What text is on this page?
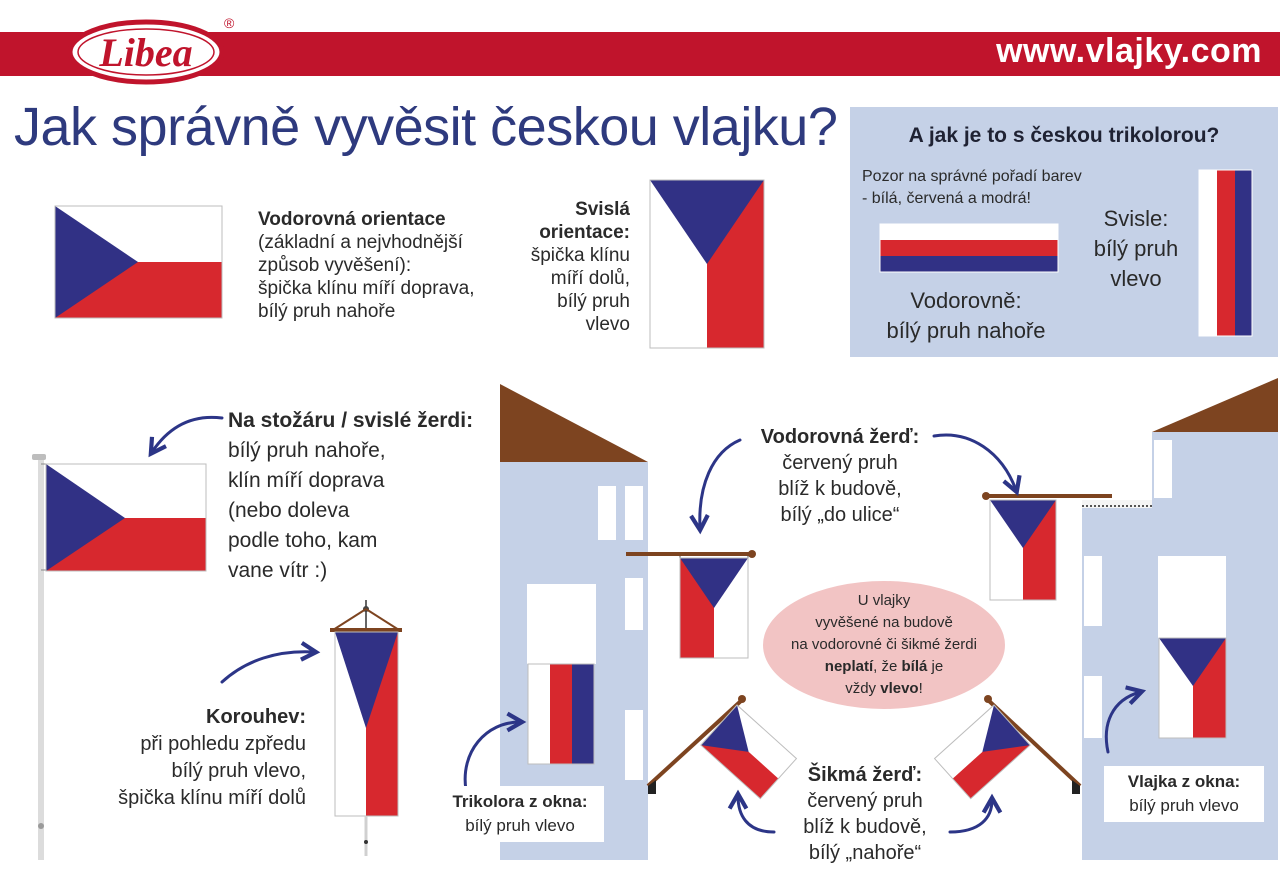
Libea
®
www.vlajky.com
Jak správně vyvěsit českou vlajku?
Vodorovná orientace
(základní a nejvhodnější
způsob vyvěšení):
špička klínu míří doprava,
bílý pruh nahoře
Svislá
orientace:
špička klínu
míří dolů,
bílý pruh
vlevo
A jak je to s českou trikolorou?
Pozor na správné pořadí barev
- bílá, červená a modrá!
Svisle:
bílý pruh
vlevo
Vodorovně:
bílý pruh nahoře
Na stožáru / svislé žerdi:
bílý pruh nahoře,
klín míří doprava
(nebo doleva
podle toho, kam
vane vítr :)
Korouhev:
při pohledu zpředu
bílý pruh vlevo,
špička klínu míří dolů	Trikolora z okna:
bílý pruh vlevo
Vodorovná žerď:
červený pruh
blíž k budově,
bílý „do ulice“
U vlajky
vyvěšené na budově
na vodorovné či šikmé žerdi
neplatí, že bílá je
vždy vlevo!
Šikmá žerď:
červený pruh
blíž k budově,
bílý „nahoře“
Vlajka z okna:
bílý pruh vlevo
